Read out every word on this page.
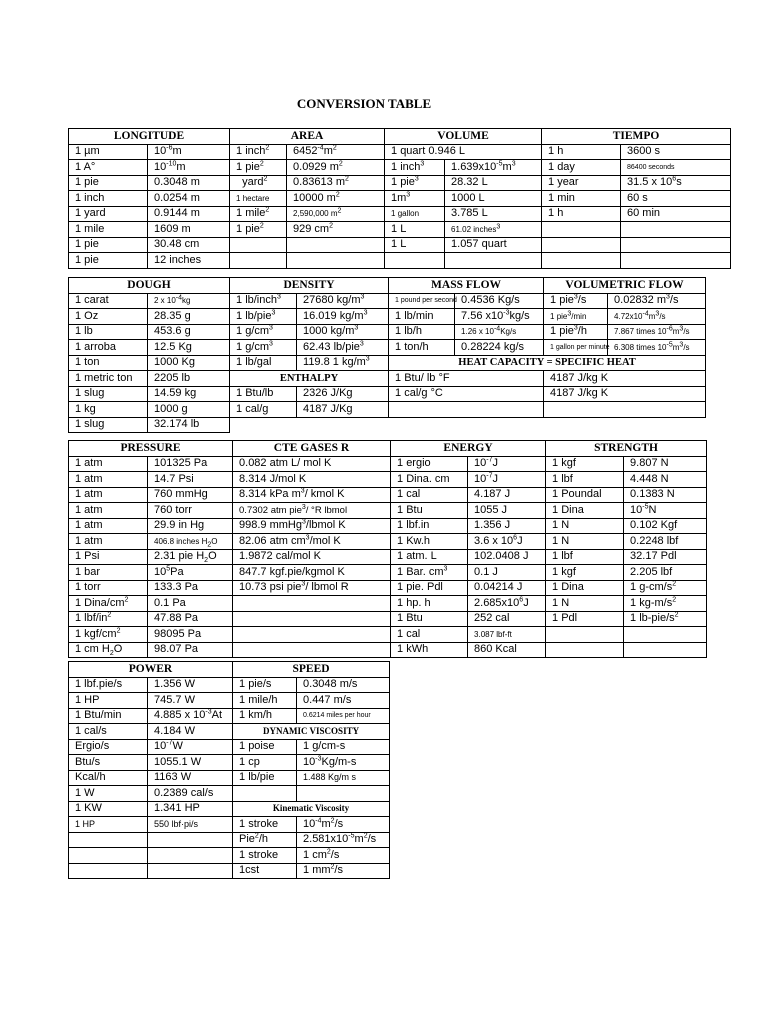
CONVERSION TABLE
LONGITUDE		AREA		VOLUME		TIEMPO	
1 µm	$10^{-6}m$	1 inch$^2$	$6452^{-4}m^2$	1 quart 0.946 L		1 h	3600 s
1 A°	$10^{-10}m$	1 pie$^2$	0.0929 $m^2$	1 inch$^3$	$1.639x10^{-5}m^3$	1 day	86400 seconds
1 pie	0.3048 m	yard$^2$	0.83613 $m^2$	1 pie$^3$	28.32 L	1 year	31.5 x $10^6s$
1 inch	0.0254 m	1 hectare	10000 $m^2$	$1m^3$	1000 L	1 min	60 s
1 yard	0.9144 m	1 mile$^2$	2,590,000 $m^2$	1 gallon	3.785 L	1 h	60 min
1 mile	1609 m	1 pie$^2$	929 $cm^2$	1 L	61.02 inches$^3$		
1 pie	30.48 cm			1 L	1.057 quart		
1 pie	12 inches						
DOUGH		DENSITY		MASS FLOW		VOLUMETRIC FLOW	
1 carat	2 x $10^{-4}kg$	1 lb/inch$^3$	27680 $kg/m^3$	1 pound per second	0.4536 Kg/s	1 pie$^3$/s	0.02832 $m^3/s$
1 Oz	28.35 g	1 lb/pie$^3$	16.019 $kg/m^3$	1 lb/min	7.56 $x10^{-3}kg/s$	1 pie$^3$/min	$4.72x10^{-4}m^3/s$
1 lb	453.6 g	1 $g/cm^3$	1000 $kg/m^3$	1 lb/h	1.26 x $10^{-4}Kg/s$	1 pie$^3$/h	7.867 times $10^{-6}m^3/s$
1 arroba	12.5 Kg	1 $g/cm^3$	62.43 lb/pie$^3$	1 ton/h	0.28224 kg/s	1 gallon per minute	6.308 times $10^{-5}m^3/s$
1 ton	1000 Kg	1 lb/gal	119.8 1 $kg/m^3$	HEAT CAPACITY = SPECIFIC HEAT			
1 metric ton	2205 lb	ENTHALPY		1 Btu/ lb °F		4187 J/kg K	
1 slug	14.59 kg	1 Btu/lb	2326 J/Kg	1 cal/g °C		4187 J/kg K	
1 kg	1000 g	1 cal/g	4187 J/Kg				
1 slug	32.174 lb						
PRESSURE		CTE GASES R	ENERGY		STRENGTH	
1 atm	101325 Pa	0.082 atm L/ mol K	1 ergio	$10^{-7}J$	1 kgf	9.807 N
1 atm	14.7 Psi	8.314 J/mol K	1 Dina. cm	$10^{-7}J$	1 lbf	4.448 N
1 atm	760 mmHg	8.314 kPa $m^3/$ kmol K	1 cal	4.187 J	1 Poundal	0.1383 N
1 atm	760 torr	0.7302 atm pie$^3$/ °R lbmol	1 Btu	1055 J	1 Dina	$10^{-5}N$
1 atm	29.9 in Hg	998.9 mmHg$^3$/lbmol K	1 lbf.in	1.356 J	1 N	0.102 Kgf
1 atm	406.8 inches $H_2O$	82.06 atm $cm^3$/mol K	1 Kw.h	3.6 x $10^6J$	1 N	0.2248 lbf
1 Psi	2.31 pie $H_2O$	1.9872 cal/mol K	1 atm. L	102.0408 J	1 lbf	32.17 Pdl
1 bar	$10^5Pa$	847.7 kgf.pie/kgmol K	1 Bar. $cm^3$	0.1 J	1 kgf	2.205 lbf
1 torr	133.3 Pa	10.73 psi pie$^3$/ lbmol R	1 pie. Pdl	0.04214 J	1 Dina	1 $g-cm/s^2$
1 Dina/$cm^2$	0.1 Pa		1 hp. h	$2.685x10^6J$	1 N	1 $kg-m/s^2$
1 lbf/$in^2$	47.88 Pa		1 Btu	252 cal	1 Pdl	1 $lb-pie/s^2$
1 kgf/$cm^2$	98095 Pa		1 cal	3.087 lbf-ft		
1 cm $H_2O$	98.07 Pa		1 kWh	860 Kcal		
POWER		SPEED	
1 lbf.pie/s	1.356 W	1 pie/s	0.3048 m/s
1 HP	745.7 W	1 mile/h	0.447 m/s
1 Btu/min	4.885 x $10^{-3}At$	1 km/h	0.6214 miles per hour
1 cal/s	4.184 W	DYNAMIC VISCOSITY	
Ergio/s	$10^{-7}W$	1 poise	1 g/cm-s
Btu/s	1055.1 W	1 cp	$10^{-3}Kg/m-s$
Kcal/h	1163 W	1 lb/pie	1.488 Kg/m s
1 W	0.2389 cal/s		
1 KW	1.341 HP	Kinematic Viscosity	
1 HP	550 lbf·pi/s	1 stroke	$10^{-4}m^2/s$
		Pie$^2$/h	$2.581x10^{-5}m^2/s$
		1 stroke	1 $cm^2/s$
		1cst	1 $mm^2/s$
